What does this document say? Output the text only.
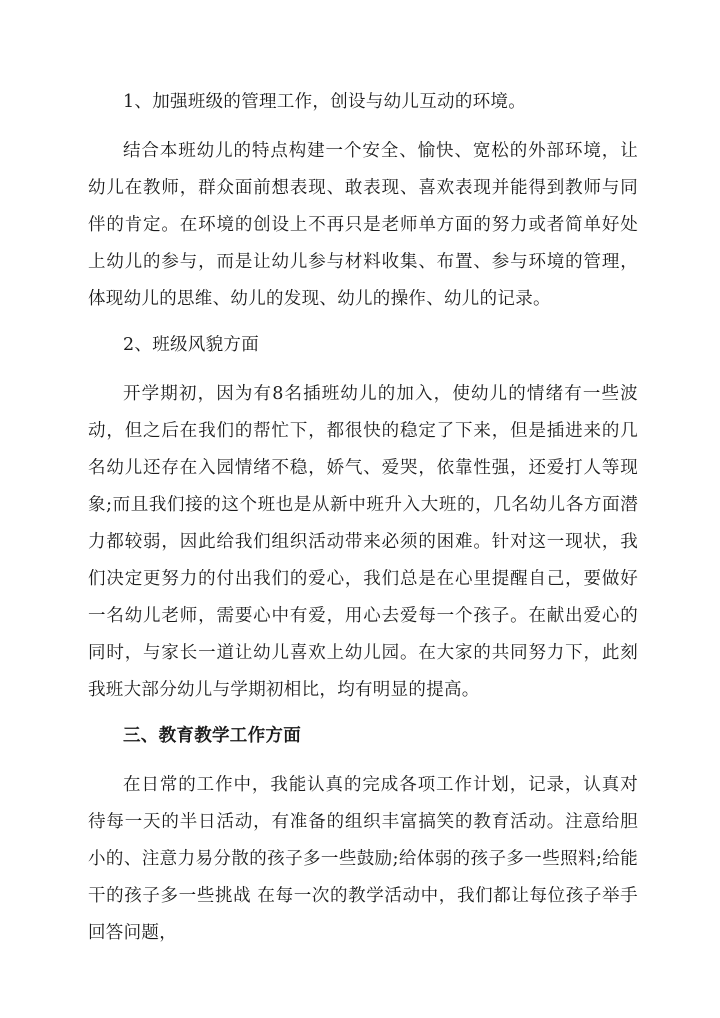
1、加强班级的管理工作，创设与幼儿互动的环境。

结合本班幼儿的特点构建一个安全、愉快、宽松的外部环境，让幼儿在教师，群众面前想表现、敢表现、喜欢表现并能得到教师与同伴的肯定。在环境的创设上不再只是老师单方面的努力或者简单好处上幼儿的参与，而是让幼儿参与材料收集、布置、参与环境的管理，体现幼儿的思维、幼儿的发现、幼儿的操作、幼儿的记录。

2、班级风貌方面

开学期初，因为有8名插班幼儿的加入，使幼儿的情绪有一些波动，但之后在我们的帮忙下，都很快的稳定了下来，但是插进来的几名幼儿还存在入园情绪不稳，娇气、爱哭，依靠性强，还爱打人等现象;而且我们接的这个班也是从新中班升入大班的，几名幼儿各方面潜力都较弱，因此给我们组织活动带来必须的困难。针对这一现状，我们决定更努力的付出我们的爱心，我们总是在心里提醒自己，要做好一名幼儿老师，需要心中有爱，用心去爱每一个孩子。在献出爱心的同时，与家长一道让幼儿喜欢上幼儿园。在大家的共同努力下，此刻我班大部分幼儿与学期初相比，均有明显的提高。

三、教育教学工作方面

在日常的工作中，我能认真的完成各项工作计划，记录，认真对待每一天的半日活动，有准备的组织丰富搞笑的教育活动。注意给胆小的、注意力易分散的孩子多一些鼓励;给体弱的孩子多一些照料;给能干的孩子多一些挑战 在每一次的教学活动中，我们都让每位孩子举手回答问题，
